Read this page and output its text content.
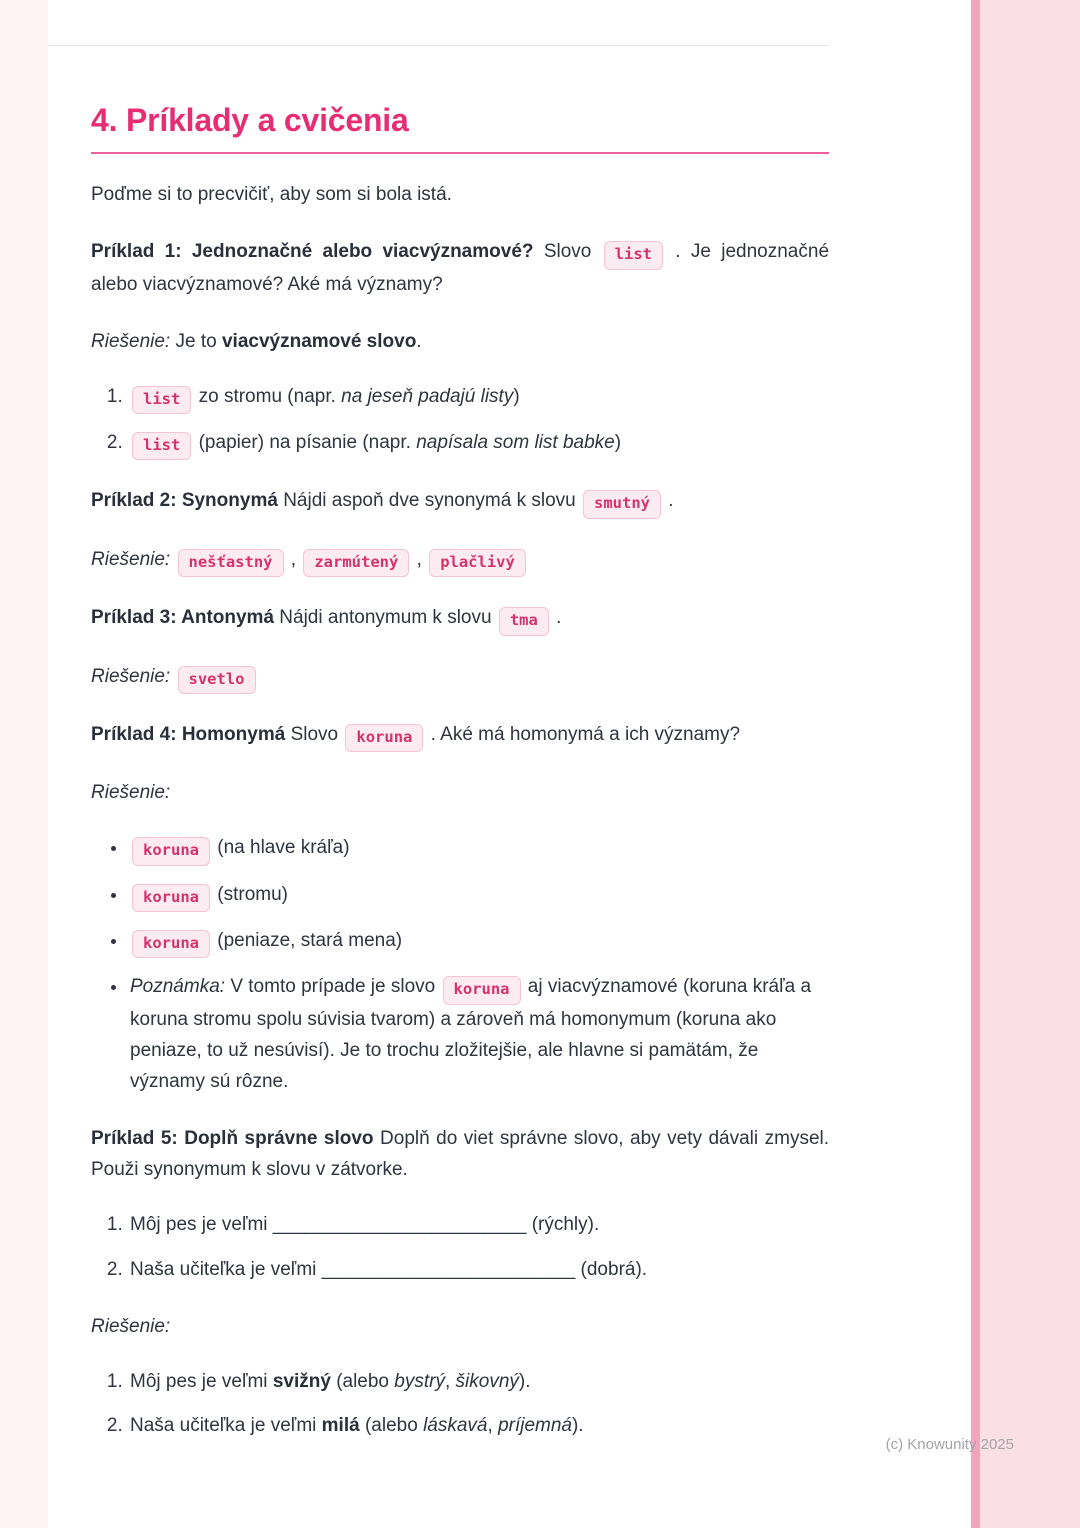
4. Príklady a cvičenia

Poďme si to precvičiť, aby som si bola istá.

Príklad 1: Jednoznačné alebo viacvýznamové? Slovo list . Je jednoznačné alebo viacvýznamové? Aké má významy?

Riešenie: Je to viacvýznamové slovo.

1. list zo stromu (napr. na jeseň padajú listy)
2. list (papier) na písanie (napr. napísala som list babke)

Príklad 2: Synonymá Nájdi aspoň dve synonymá k slovu smutný .

Riešenie: nešťastný , zarmútený , plačlivý

Príklad 3: Antonymá Nájdi antonymum k slovu tma .

Riešenie: svetlo

Príklad 4: Homonymá Slovo koruna . Aké má homonymá a ich významy?

Riešenie:

• koruna (na hlave kráľa)
• koruna (stromu)
• koruna (peniaze, stará mena)
• Poznámka: V tomto prípade je slovo koruna aj viacvýznamové (koruna kráľa a koruna stromu spolu súvisia tvarom) a zároveň má homonymum (koruna ako peniaze, to už nesúvisí). Je to trochu zložitejšie, ale hlavne si pamätám, že významy sú rôzne.

Príklad 5: Doplň správne slovo Doplň do viet správne slovo, aby vety dávali zmysel. Použi synonymum k slovu v zátvorke.

1. Môj pes je veľmi ________________________ (rýchly).
2. Naša učiteľka je veľmi ________________________ (dobrá).

Riešenie:

1. Môj pes je veľmi svižný (alebo bystrý, šikovný).
2. Naša učiteľka je veľmi milá (alebo láskavá, príjemná).
(c) Knowunity 2025
